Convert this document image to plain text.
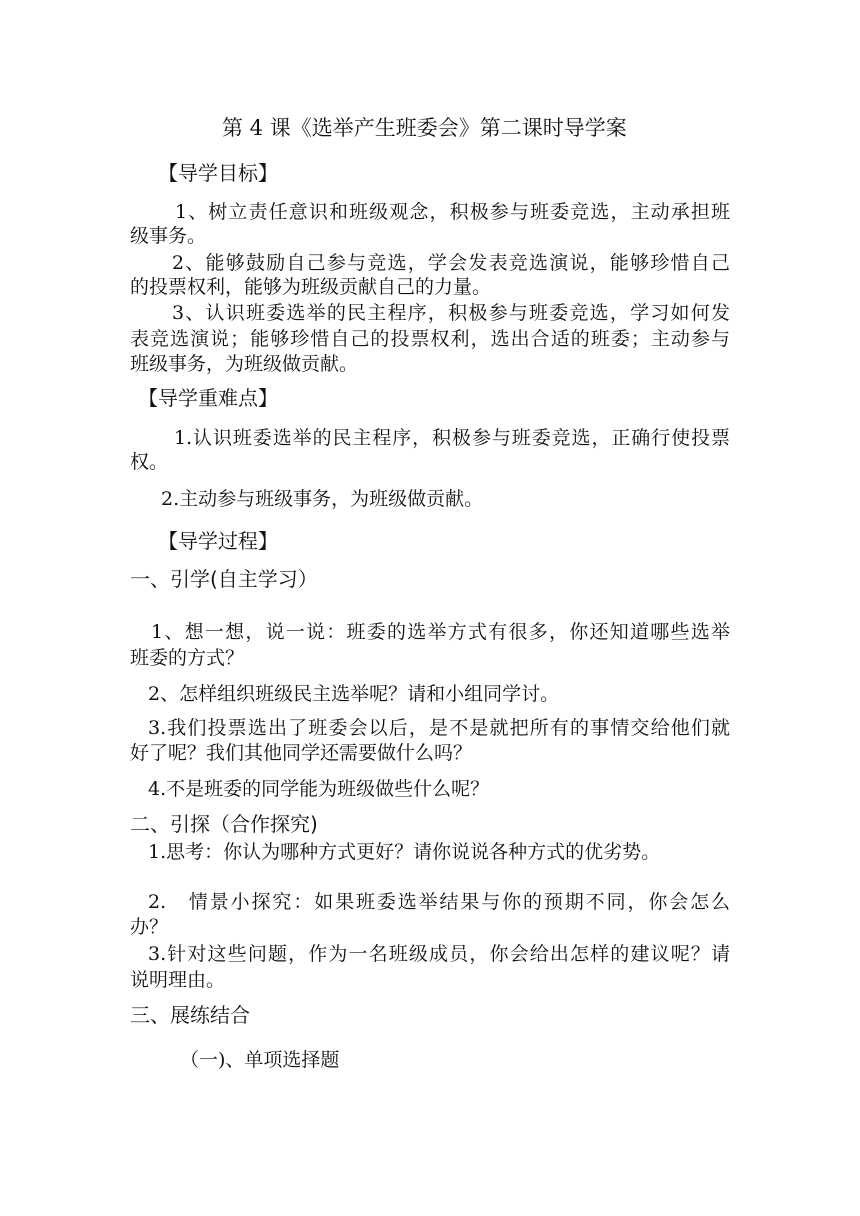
第 4 课《选举产生班委会》第二课时导学案
【导学目标】
1、树立责任意识和班级观念，积极参与班委竞选，主动承担班
级事务。
2、能够鼓励自己参与竞选，学会发表竞选演说，能够珍惜自己
的投票权利，能够为班级贡献自己的力量。
3、认识班委选举的民主程序，积极参与班委竞选，学习如何发
表竞选演说；能够珍惜自己的投票权利，选出合适的班委；主动参与
班级事务，为班级做贡献。
【导学重难点】
1.认识班委选举的民主程序，积极参与班委竞选，正确行使投票
权。
2.主动参与班级事务，为班级做贡献。
【导学过程】
一、引学(自主学习）
1、想一想，说一说：班委的选举方式有很多，你还知道哪些选举
班委的方式？
2、怎样组织班级民主选举呢？请和小组同学讨。
3.我们投票选出了班委会以后，是不是就把所有的事情交给他们就
好了呢？我们其他同学还需要做什么吗？
4.不是班委的同学能为班级做些什么呢？
二、引探（合作探究)
1.思考：你认为哪种方式更好？请你说说各种方式的优劣势。
2.　情景小探究：如果班委选举结果与你的预期不同，你会怎么
办？
3.针对这些问题，作为一名班级成员，你会给出怎样的建议呢？请
说明理由。
三、展练结合
（一)、单项选择题
